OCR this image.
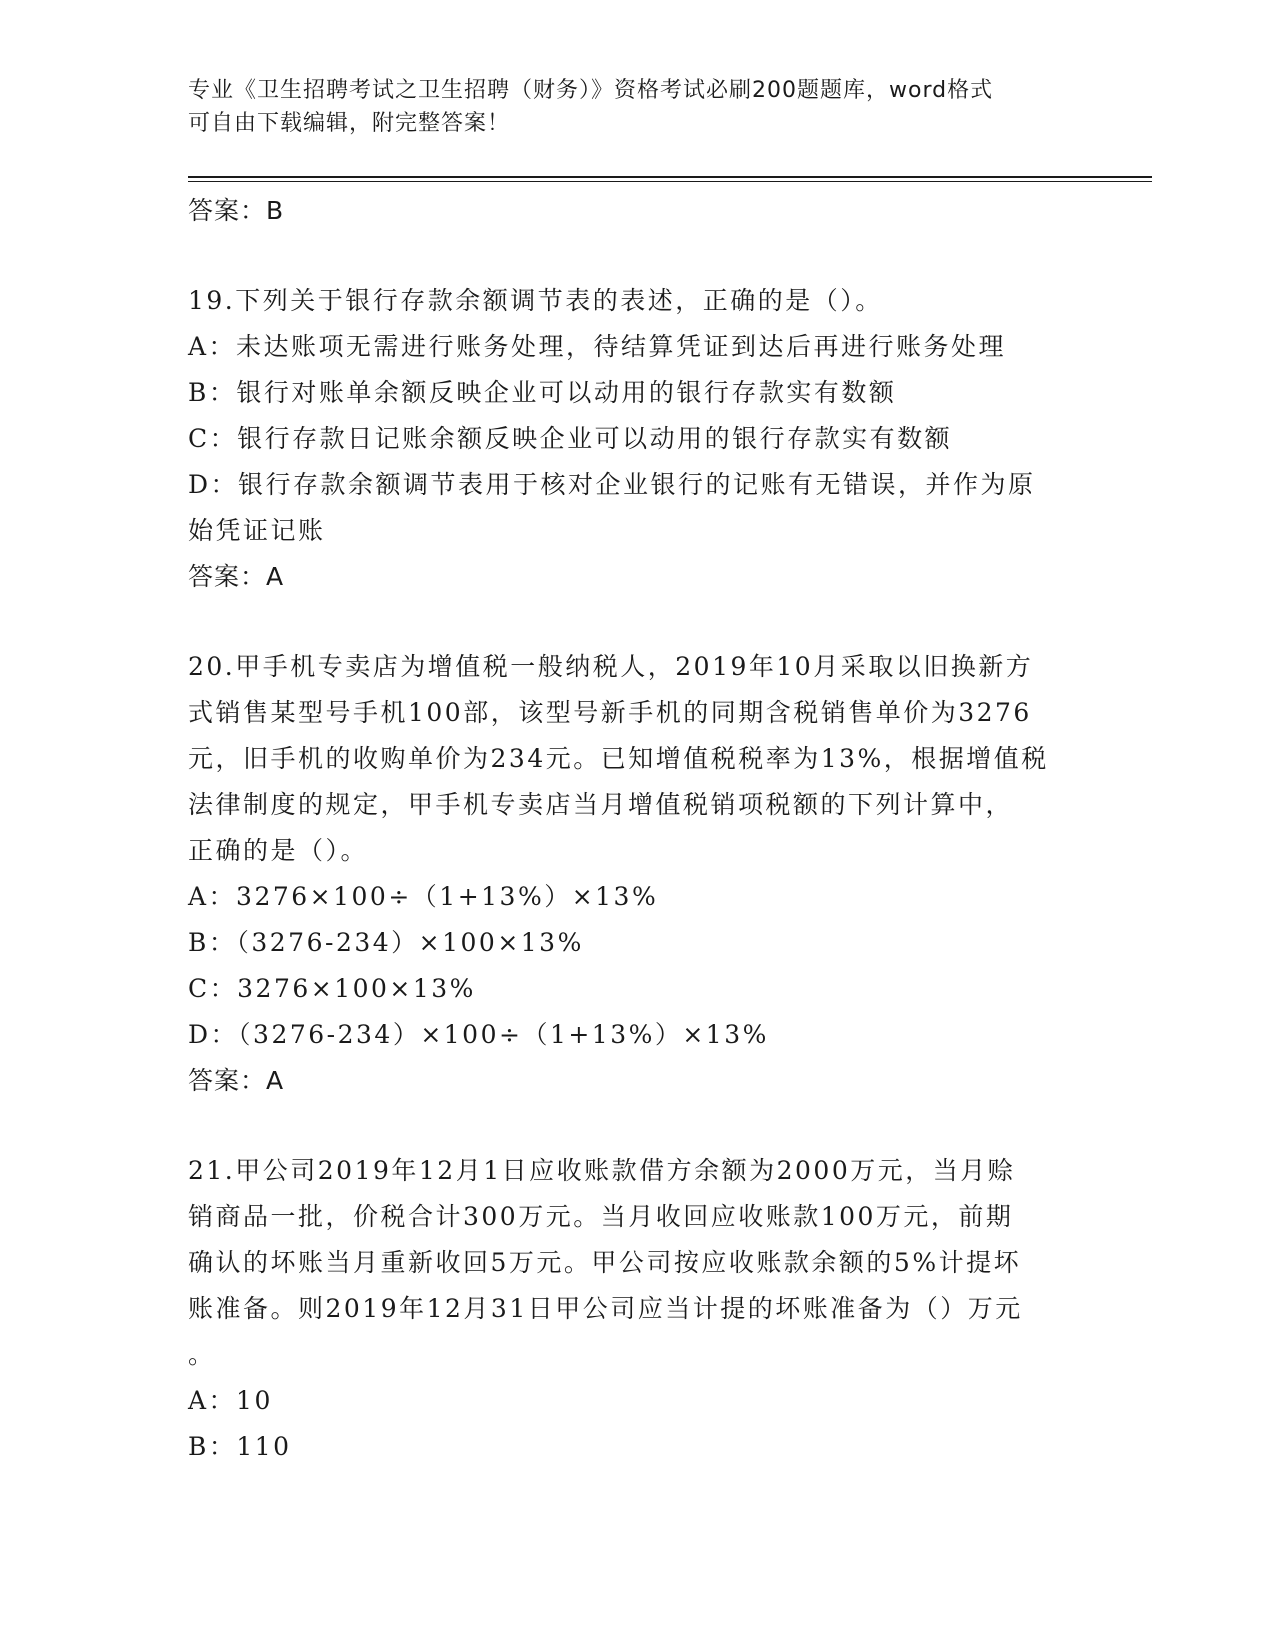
专业《卫生招聘考试之卫生招聘（财务）》资格考试必刷200题题库，word格式
可自由下载编辑，附完整答案！
答案：B
19.下列关于银行存款余额调节表的表述，正确的是（）。
A：未达账项无需进行账务处理，待结算凭证到达后再进行账务处理
B：银行对账单余额反映企业可以动用的银行存款实有数额
C：银行存款日记账余额反映企业可以动用的银行存款实有数额
D：银行存款余额调节表用于核对企业银行的记账有无错误，并作为原
始凭证记账
答案：A
20.甲手机专卖店为增值税一般纳税人，2019年10月采取以旧换新方
式销售某型号手机100部，该型号新手机的同期含税销售单价为3276
元，旧手机的收购单价为234元。已知增值税税率为13%，根据增值税
法律制度的规定，甲手机专卖店当月增值税销项税额的下列计算中，
正确的是（）。
A：3276×100÷（1+13%）×13%
B：（3276-234）×100×13%
C：3276×100×13%
D：（3276-234）×100÷（1+13%）×13%
答案：A
21.甲公司2019年12月1日应收账款借方余额为2000万元，当月赊
销商品一批，价税合计300万元。当月收回应收账款100万元，前期
确认的坏账当月重新收回5万元。甲公司按应收账款余额的5%计提坏
账准备。则2019年12月31日甲公司应当计提的坏账准备为（）万元
。
A：10
B：110
